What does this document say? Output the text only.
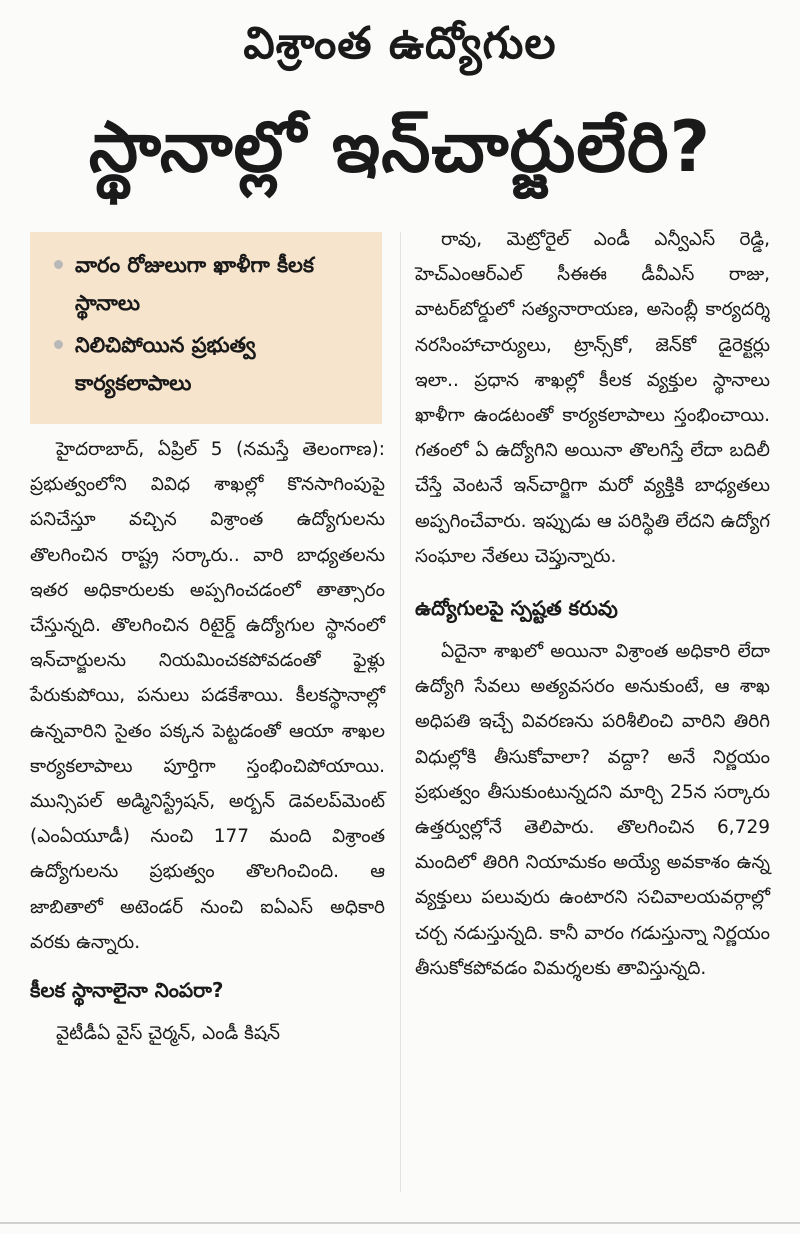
విశ్రాంత ఉద్యోగుల
స్థానాల్లో ఇన్‌చార్జులేరి?
వారం రోజులుగా ఖాళీగా కీలక స్థానాలు
నిలిచిపోయిన ప్రభుత్వ కార్యకలాపాలు

హైదరాబాద్, ఏప్రిల్ 5 (నమస్తే తెలంగాణ): ప్రభుత్వంలోని వివిధ శాఖల్లో కొనసాగింపుపై పనిచేస్తూ వచ్చిన విశ్రాంత ఉద్యోగులను తొలగించిన రాష్ట్ర సర్కారు.. వారి బాధ్యతలను ఇతర అధికారులకు అప్పగించడంలో తాత్సారం చేస్తున్నది. తొలగించిన రిటైర్డ్ ఉద్యోగుల స్థానంలో ఇన్‌చార్జులను నియమించకపోవడంతో ఫైళ్లు పేరుకుపోయి, పనులు పడకేశాయి. కీలకస్థానాల్లో ఉన్నవారిని సైతం పక్కన పెట్టడంతో ఆయా శాఖల కార్యకలాపాలు పూర్తిగా స్తంభించిపోయాయి. మున్సిపల్ అడ్మినిస్ట్రేషన్, అర్బన్ డెవలప్‌మెంట్ (ఎంఏయూడీ) నుంచి 177 మంది విశ్రాంత ఉద్యోగులను ప్రభుత్వం తొలగించింది. ఆ జాబితాలో అటెండర్ నుంచి ఐఏఎస్ అధికారి వరకు ఉన్నారు.

కీలక స్థానాలైనా నింపరా?

వైటీడీఏ వైస్ చైర్మన్, ఎండీ కిషన్

రావు, మెట్రోరైల్ ఎండీ ఎన్వీఎస్ రెడ్డి, హెచ్ఎంఆర్ఎల్ సీఈఈ డీవీఎస్ రాజు, వాటర్‌బోర్డులో సత్యనారాయణ, అసెంబ్లీ కార్యదర్శి నరసింహాచార్యులు, ట్రాన్స్‌కో, జెన్‌కో డైరెక్టర్లు ఇలా.. ప్రధాన శాఖల్లో కీలక వ్యక్తుల స్థానాలు ఖాళీగా ఉండటంతో కార్యకలాపాలు స్తంభించాయి. గతంలో ఏ ఉద్యోగిని అయినా తొలగిస్తే లేదా బదిలీ చేస్తే వెంటనే ఇన్‌చార్జిగా మరో వ్యక్తికి బాధ్యతలు అప్పగించేవారు. ఇప్పుడు ఆ పరిస్థితి లేదని ఉద్యోగ సంఘాల నేతలు చెప్తున్నారు.

ఉద్యోగులపై స్పష్టత కరువు

ఏదైనా శాఖలో అయినా విశ్రాంత అధికారి లేదా ఉద్యోగి సేవలు అత్యవసరం అనుకుంటే, ఆ శాఖ అధిపతి ఇచ్చే వివరణను పరిశీలించి వారిని తిరిగి విధుల్లోకి తీసుకోవాలా? వద్దా? అనే నిర్ణయం ప్రభుత్వం తీసుకుంటున్నదని మార్చి 25న సర్కారు ఉత్తర్వుల్లోనే తెలిపారు. తొలగించిన 6,729 మందిలో తిరిగి నియామకం అయ్యే అవకాశం ఉన్న వ్యక్తులు పలువురు ఉంటారని సచివాలయవర్గాల్లో చర్చ నడుస్తున్నది. కానీ వారం గడుస్తున్నా నిర్ణయం తీసుకోకపోవడం విమర్శలకు తావిస్తున్నది.
